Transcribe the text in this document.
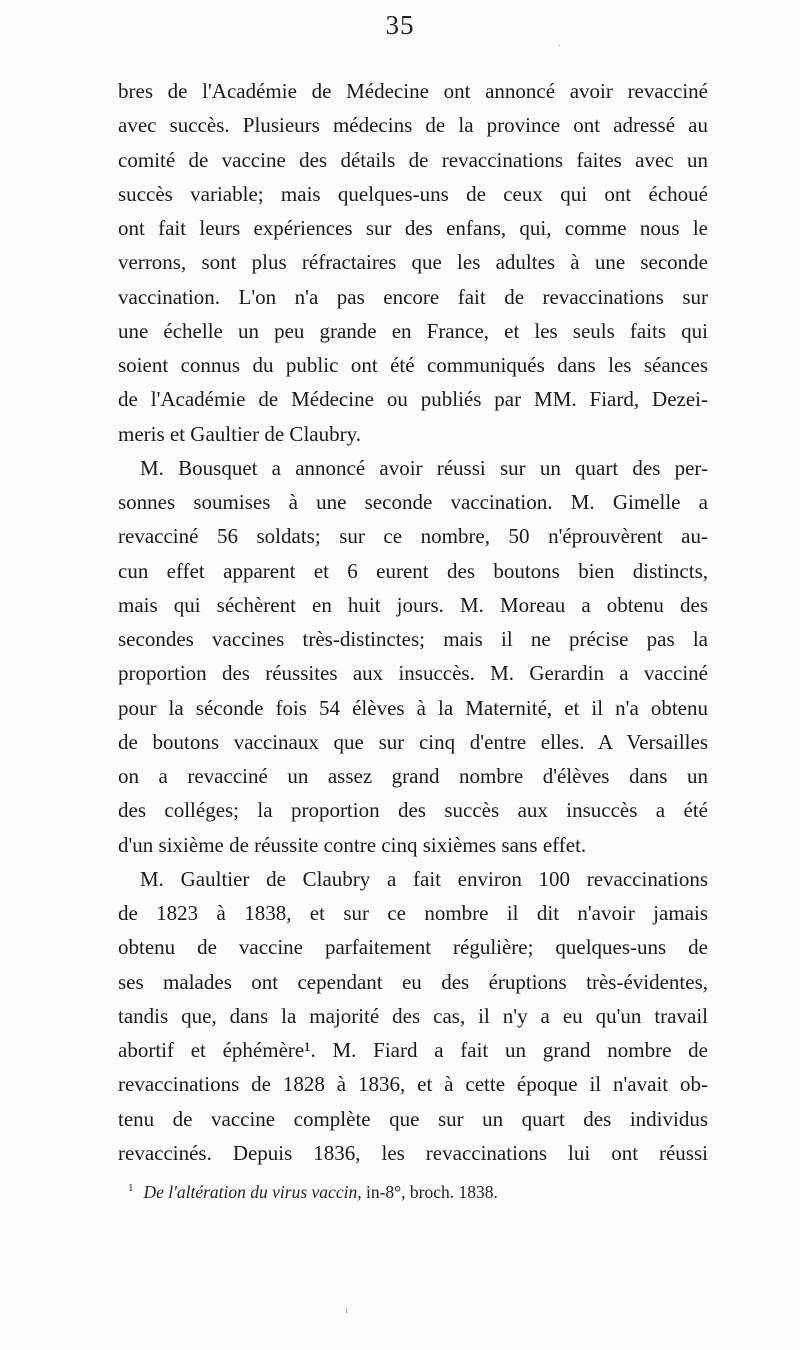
35
bres de l'Académie de Médecine ont annoncé avoir revacciné
avec succès. Plusieurs médecins de la province ont adressé au
comité de vaccine des détails de revaccinations faites avec un
succès variable; mais quelques-uns de ceux qui ont échoué
ont fait leurs expériences sur des enfans, qui, comme nous le
verrons, sont plus réfractaires que les adultes à une seconde
vaccination. L'on n'a pas encore fait de revaccinations sur
une échelle un peu grande en France, et les seuls faits qui
soient connus du public ont été communiqués dans les séances
de l'Académie de Médecine ou publiés par MM. Fiard, Dezei-
meris et Gaultier de Claubry.
M. Bousquet a annoncé avoir réussi sur un quart des per-
sonnes soumises à une seconde vaccination. M. Gimelle a
revacciné 56 soldats; sur ce nombre, 50 n'éprouvèrent au-
cun effet apparent et 6 eurent des boutons bien distincts,
mais qui séchèrent en huit jours. M. Moreau a obtenu des
secondes vaccines très-distinctes; mais il ne précise pas la
proportion des réussites aux insuccès. M. Gerardin a vacciné
pour la séconde fois 54 élèves à la Maternité, et il n'a obtenu
de boutons vaccinaux que sur cinq d'entre elles. A Versailles
on a revacciné un assez grand nombre d'élèves dans un
des colléges; la proportion des succès aux insuccès a été
d'un sixième de réussite contre cinq sixièmes sans effet.
M. Gaultier de Claubry a fait environ 100 revaccinations
de 1823 à 1838, et sur ce nombre il dit n'avoir jamais
obtenu de vaccine parfaitement régulière; quelques-uns de
ses malades ont cependant eu des éruptions très-évidentes,
tandis que, dans la majorité des cas, il n'y a eu qu'un travail
abortif et éphémère¹. M. Fiard a fait un grand nombre de
revaccinations de 1828 à 1836, et à cette époque il n'avait ob-
tenu de vaccine complète que sur un quart des individus
revaccinés. Depuis 1836, les revaccinations lui ont réussi
$^1$ De l'altération du virus vaccin, in-8°, broch. 1838.
´
ı
